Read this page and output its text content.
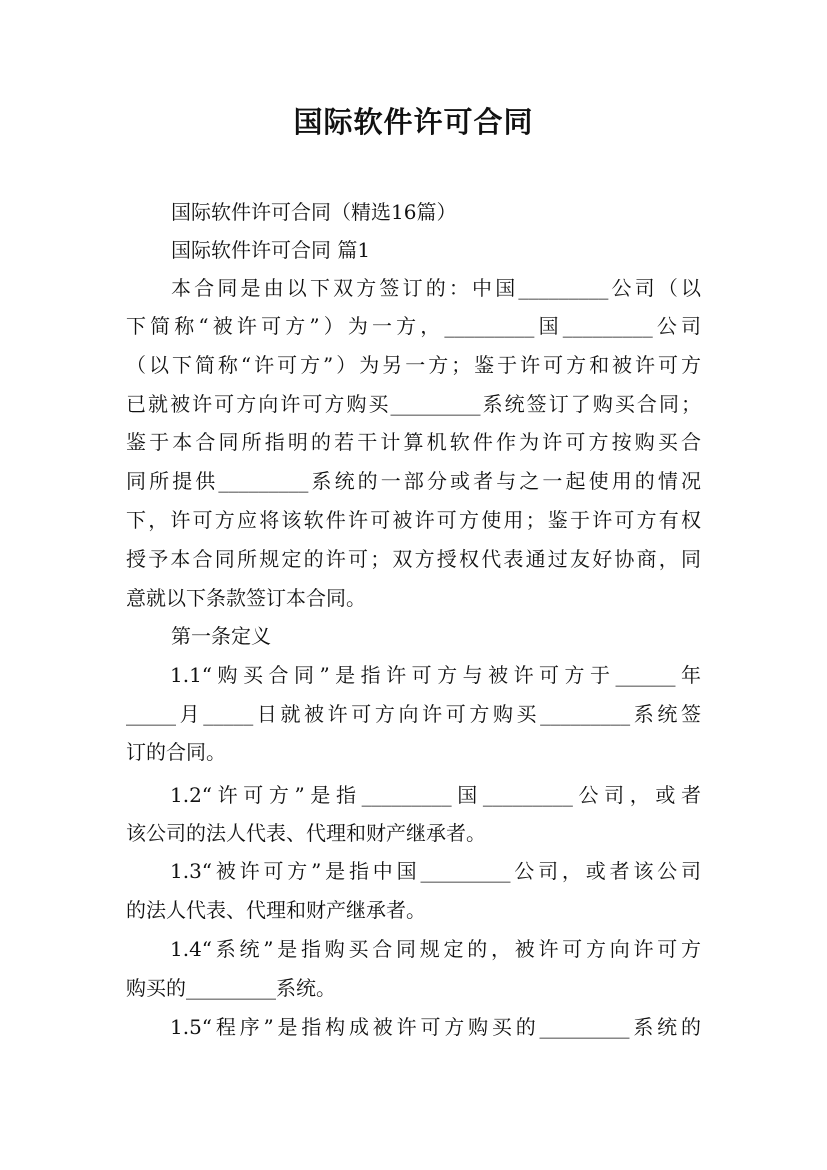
国际软件许可合同
国际软件许可合同（精选16篇）
国际软件许可合同 篇1
本合同是由以下双方签订的：中国_________公司（以
下简称“被许可方”）为一方，_________国_________公司
（以下简称“许可方”）为另一方；鉴于许可方和被许可方
已就被许可方向许可方购买_________系统签订了购买合同；
鉴于本合同所指明的若干计算机软件作为许可方按购买合
同所提供_________系统的一部分或者与之一起使用的情况
下，许可方应将该软件许可被许可方使用；鉴于许可方有权
授予本合同所规定的许可；双方授权代表通过友好协商，同
意就以下条款签订本合同。
第一条定义
1.1“购买合同”是指许可方与被许可方于______年
_____月_____日就被许可方向许可方购买_________系统签
订的合同。
1.2“许可方”是指_________国_________公司，或者
该公司的法人代表、代理和财产继承者。
1.3“被许可方”是指中国_________公司，或者该公司
的法人代表、代理和财产继承者。
1.4“系统”是指购买合同规定的，被许可方向许可方
购买的_________系统。
1.5“程序”是指构成被许可方购买的_________系统的
